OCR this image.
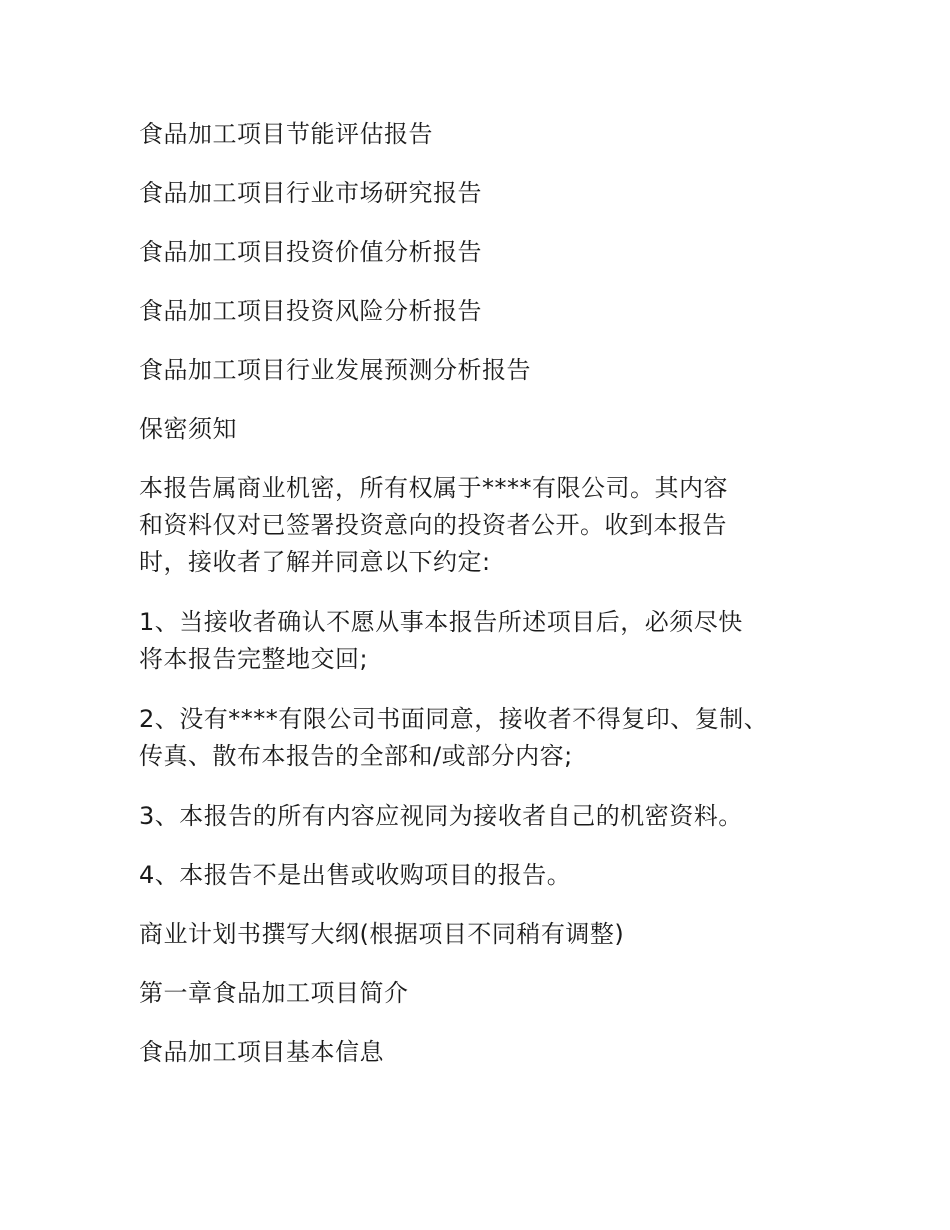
食品加工项目节能评估报告
食品加工项目行业市场研究报告
食品加工项目投资价值分析报告
食品加工项目投资风险分析报告
食品加工项目行业发展预测分析报告
保密须知
本报告属商业机密，所有权属于****有限公司。其内容
和资料仅对已签署投资意向的投资者公开。收到本报告
时，接收者了解并同意以下约定:
1、当接收者确认不愿从事本报告所述项目后，必须尽快
将本报告完整地交回;
2、没有****有限公司书面同意，接收者不得复印、复制、
传真、散布本报告的全部和/或部分内容;
3、本报告的所有内容应视同为接收者自己的机密资料。
4、本报告不是出售或收购项目的报告。
商业计划书撰写大纲(根据项目不同稍有调整)
第一章食品加工项目简介
食品加工项目基本信息
